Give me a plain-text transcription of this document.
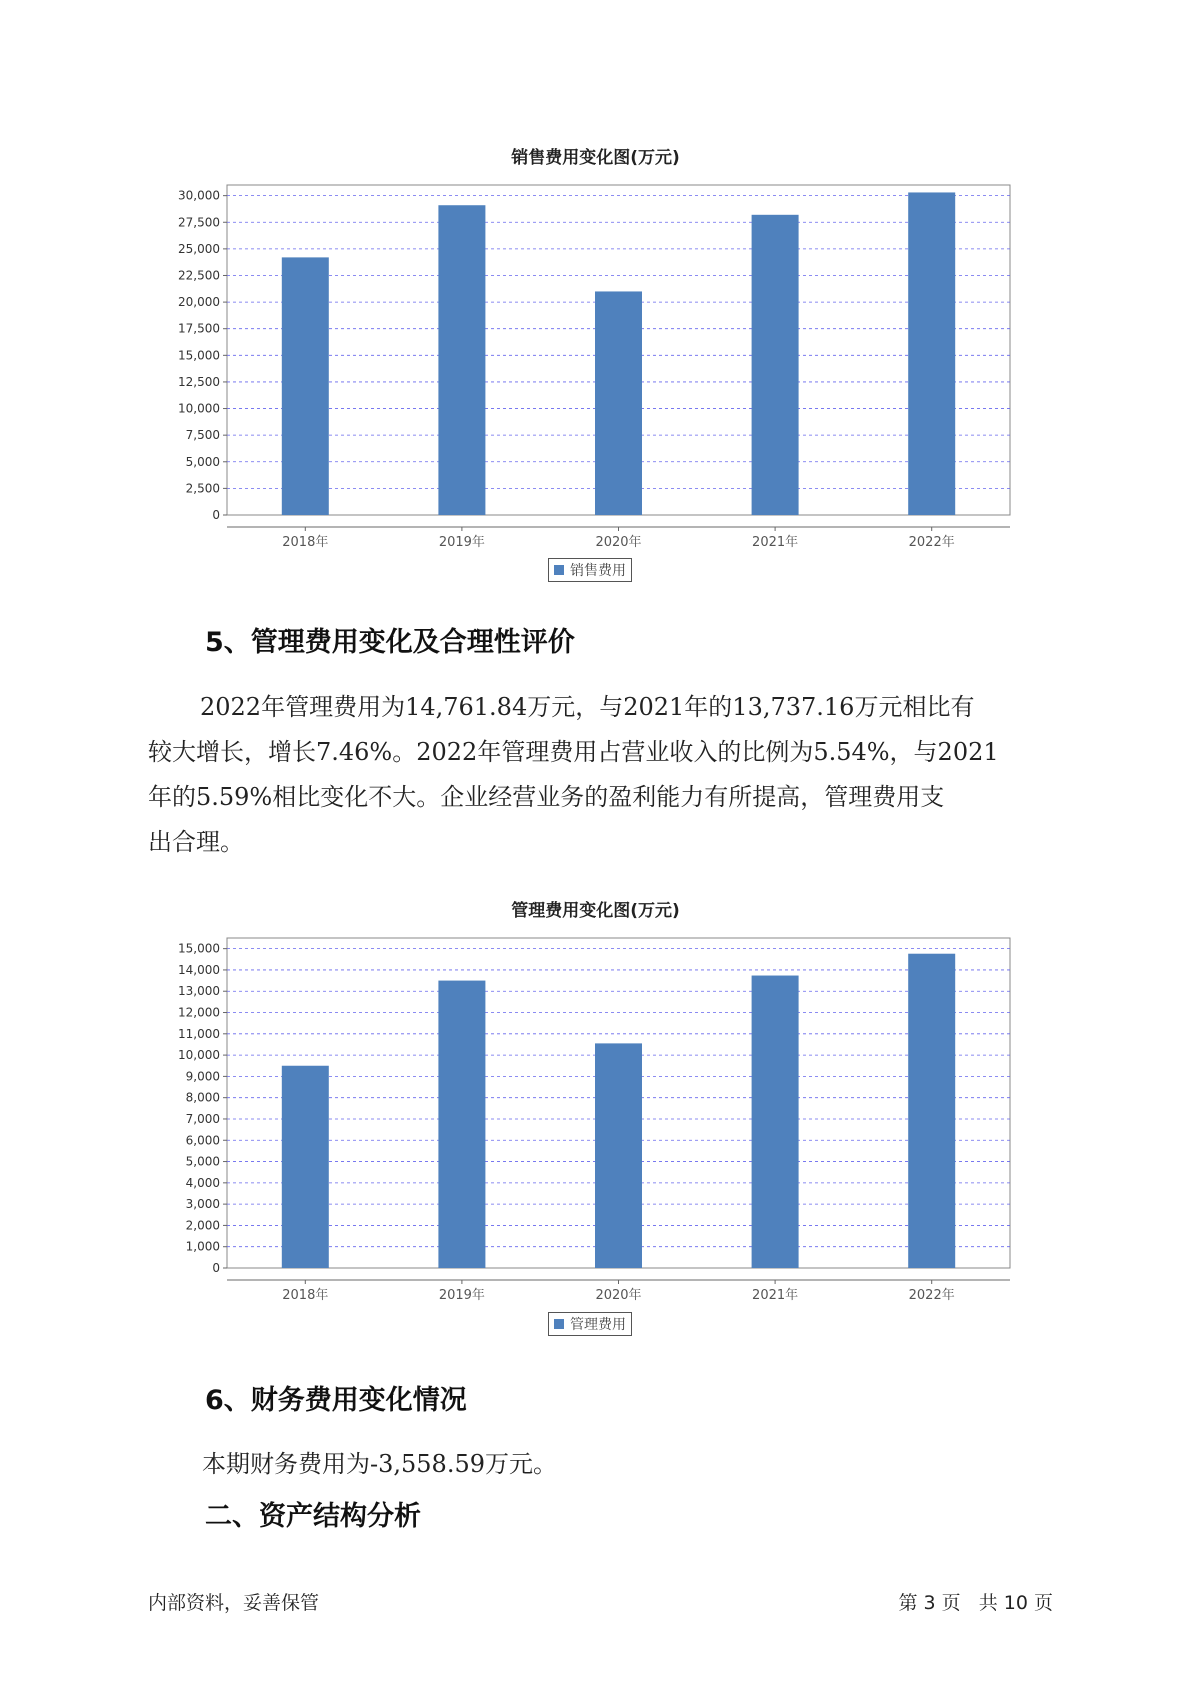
销售费用变化图(万元)
0
2,500
5,000
7,500
10,000
12,500
15,000
17,500
20,000
22,500
25,000
27,500
30,000
2018年	2019年	2020年	2021年	2022年
销售费用
5、管理费用变化及合理性评价

2022年管理费用为14,761.84万元，与2021年的13,737.16万元相比有

较大增长，增长7.46%。2022年管理费用占营业收入的比例为5.54%，与2021

年的5.59%相比变化不大。企业经营业务的盈利能力有所提高，管理费用支

出合理。

管理费用变化图(万元)
0
1,000
2,000
3,000
4,000
5,000
6,000
7,000
8,000
9,000
10,000
11,000
12,000
13,000
14,000
15,000
2018年	2019年	2020年	2021年	2022年
管理费用
6、财务费用变化情况
本期财务费用为-3,558.59万元。
二、资产结构分析
内部资料，妥善保管	第 3 页   共 10 页
